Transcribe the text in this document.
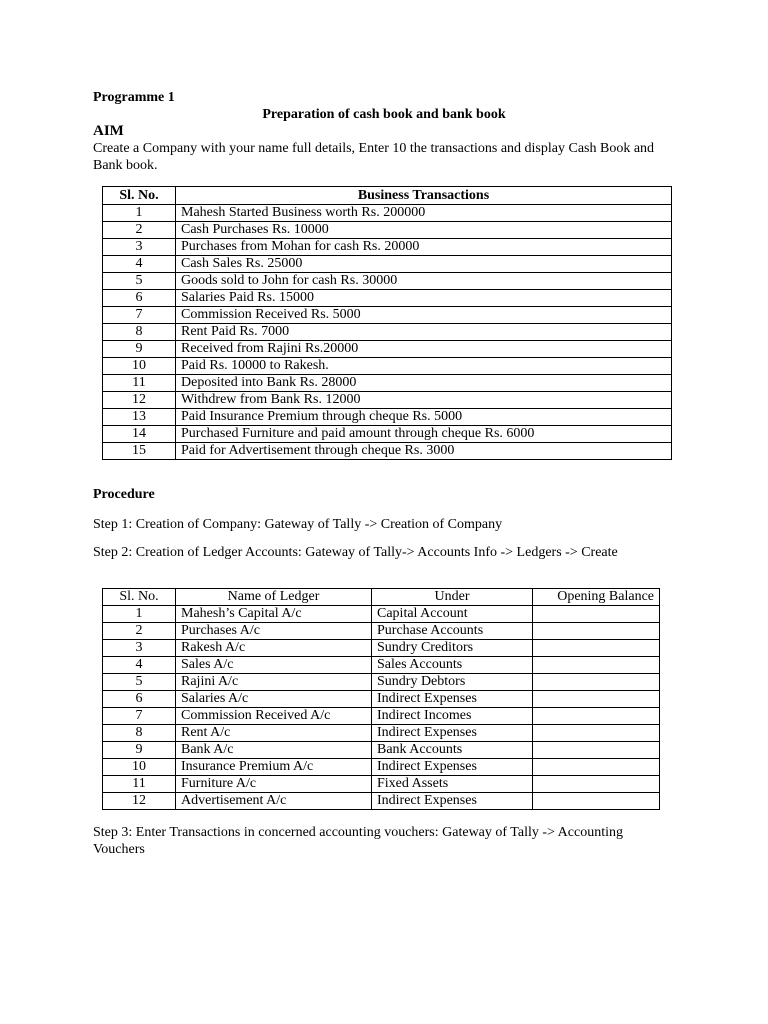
Programme 1
Preparation of cash book and bank book
AIM
Create a Company with your name full details, Enter 10 the transactions and display Cash Book and Bank book.
Sl. No.	Business Transactions
1	Mahesh Started Business worth Rs. 200000
2	Cash Purchases Rs. 10000
3	Purchases from Mohan for cash Rs. 20000
4	Cash Sales Rs. 25000
5	Goods sold to John for cash Rs. 30000
6	Salaries Paid Rs. 15000
7	Commission Received Rs. 5000
8	Rent Paid Rs. 7000
9	Received from Rajini Rs.20000
10	Paid Rs. 10000 to Rakesh.
11	Deposited into Bank Rs. 28000
12	Withdrew from Bank Rs. 12000
13	Paid Insurance Premium through cheque Rs. 5000
14	Purchased Furniture and paid amount through cheque Rs. 6000
15	Paid for Advertisement through cheque Rs. 3000
Procedure
Step 1: Creation of Company: Gateway of Tally -> Creation of Company
Step 2: Creation of Ledger Accounts: Gateway of Tally-> Accounts Info -> Ledgers -> Create
Sl. No.	Name of Ledger	Under	Opening Balance
1	Mahesh’s Capital A/c	Capital Account	
2	Purchases A/c	Purchase Accounts	
3	Rakesh A/c	Sundry Creditors	
4	Sales A/c	Sales Accounts	
5	Rajini A/c	Sundry Debtors	
6	Salaries A/c	Indirect Expenses	
7	Commission Received A/c	Indirect Incomes	
8	Rent A/c	Indirect Expenses	
9	Bank A/c	Bank Accounts	
10	Insurance Premium A/c	Indirect Expenses	
11	Furniture A/c	Fixed Assets	
12	Advertisement A/c	Indirect Expenses	
Step 3: Enter Transactions in concerned accounting vouchers: Gateway of Tally -> Accounting Vouchers
